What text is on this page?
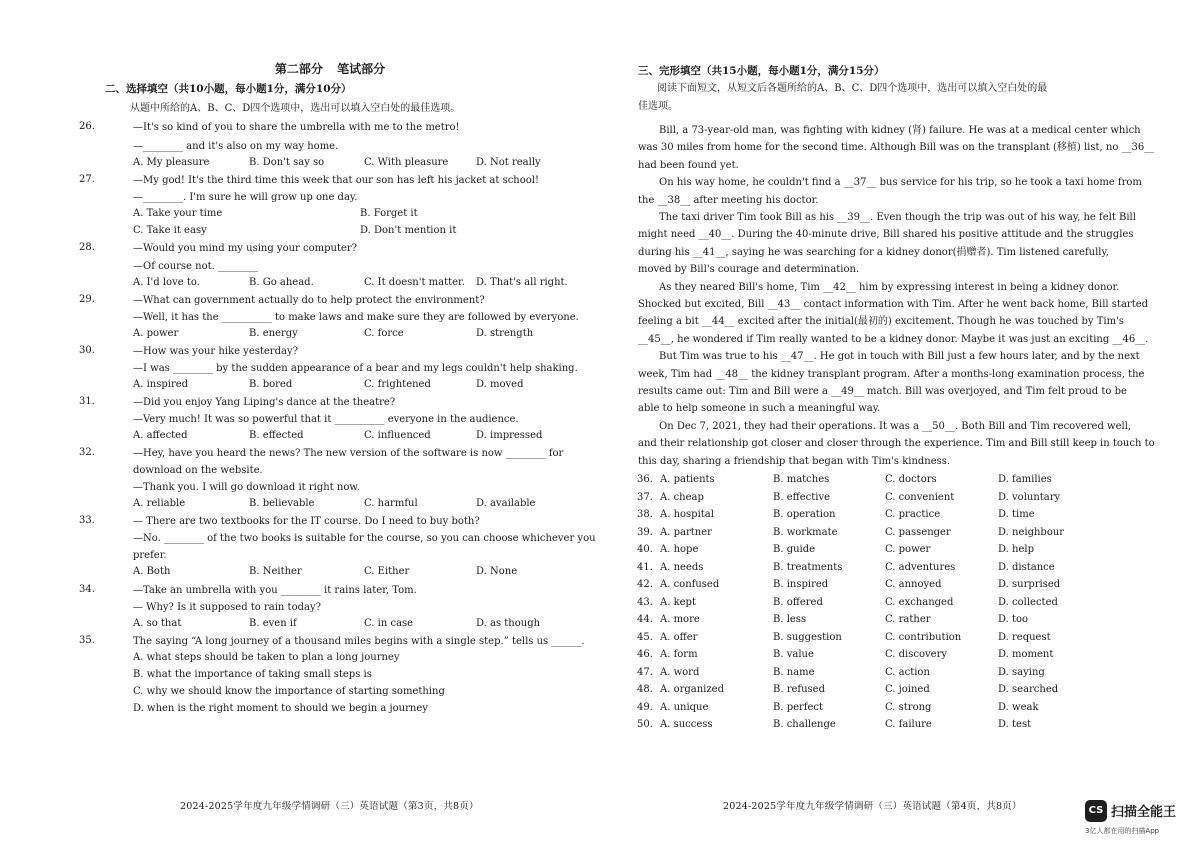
第二部分 笔试部分
二、选择填空（共10小题，每小题1分，满分10分）
从题中所给的A、B、C、D四个选项中，选出可以填入空白处的最佳选项。
26.	—It's so kind of you to share the umbrella with me to the metro!
—________ and it's also on my way home.
A. My pleasure	B. Don't say so	C. With pleasure	D. Not really
27.	—My god! It's the third time this week that our son has left his jacket at school!
—________. I'm sure he will grow up one day.
A. Take your time	B. Forget it
C. Take it easy	D. Don't mention it
28.	—Would you mind my using your computer?
—Of course not. ________
A. I'd love to.	B. Go ahead.	C. It doesn't matter. D. That's all right.
29.	—What can government actually do to help protect the environment?
—Well, it has the __________ to make laws and make sure they are followed by everyone.
A. power	B. energy	C. force	D. strength
30.	—How was your hike yesterday?
—I was ________ by the sudden appearance of a bear and my legs couldn't help shaking.
A. inspired	B. bored	C. frightened	D. moved
31.	—Did you enjoy Yang Liping's dance at the theatre?
—Very much! It was so powerful that it __________ everyone in the audience.
A. affected	B. effected	C. influenced	D. impressed
32.	—Hey, have you heard the news? The new version of the software is now ________ for
download on the website.
—Thank you. I will go download it right now.
A. reliable	B. believable	C. harmful	D. available
33.	— There are two textbooks for the IT course. Do I need to buy both?
—No. ________ of the two books is suitable for the course, so you can choose whichever you
prefer.
A. Both	B. Neither	C. Either	D. None
34.	—Take an umbrella with you ________ it rains later, Tom.
— Why? Is it supposed to rain today?
A. so that	B. even if	C. in case	D. as though
35.	The saying “A long journey of a thousand miles begins with a single step.” tells us ______.
A. what steps should be taken to plan a long journey
B. what the importance of taking small steps is
C. why we should know the importance of starting something
D. when is the right moment to should we begin a journey
2024-2025学年度九年级学情调研（三）英语试题（第3页，共8页）
三、完形填空（共15小题，每小题1分，满分15分）
阅读下面短文，从短文后各题所给的A、B、C、D四个选项中，选出可以填入空白处的最
佳选项。
Bill, a 73-year-old man, was fighting with kidney (肾) failure. He was at a medical center which
was 30 miles from home for the second time. Although Bill was on the transplant (移植) list, no __36__
had been found yet.
On his way home, he couldn't find a __37__ bus service for his trip, so he took a taxi home from
the __38__ after meeting his doctor.
The taxi driver Tim took Bill as his __39__. Even though the trip was out of his way, he felt Bill
might need __40__. During the 40-minute drive, Bill shared his positive attitude and the struggles
during his __41__, saying he was searching for a kidney donor(捐赠者). Tim listened carefully,
moved by Bill's courage and determination.
As they neared Bill's home, Tim __42__ him by expressing interest in being a kidney donor.
Shocked but excited, Bill __43__ contact information with Tim. After he went back home, Bill started
feeling a bit __44__ excited after the initial(最初的) excitement. Though he was touched by Tim's
__45__, he wondered if Tim really wanted to be a kidney donor. Maybe it was just an exciting __46__.
But Tim was true to his __47__. He got in touch with Bill just a few hours later, and by the next
week, Tim had __48__ the kidney transplant program. After a months-long examination process, the
results came out: Tim and Bill were a __49__ match. Bill was overjoyed, and Tim felt proud to be
able to help someone in such a meaningful way.
On Dec 7, 2021, they had their operations. It was a __50__. Both Bill and Tim recovered well,
and their relationship got closer and closer through the experience. Tim and Bill still keep in touch to
this day, sharing a friendship that began with Tim's kindness.
36. A. patients	B. matches	C. doctors	D. families
37. A. cheap	B. effective	C. convenient	D. voluntary
38. A. hospital	B. operation	C. practice	D. time
39. A. partner	B. workmate	C. passenger	D. neighbour
40. A. hope	B. guide	C. power	D. help
41. A. needs	B. treatments	C. adventures	D. distance
42. A. confused	B. inspired	C. annoyed	D. surprised
43. A. kept	B. offered	C. exchanged	D. collected
44. A. more	B. less	C. rather	D. too
45. A. offer	B. suggestion	C. contribution	D. request
46. A. form	B. value	C. discovery	D. moment
47. A. word	B. name	C. action	D. saying
48. A. organized	B. refused	C. joined	D. searched
49. A. unique	B. perfect	C. strong	D. weak
50. A. success	B. challenge	C. failure	D. test
2024-2025学年度九年级学情调研（三）英语试题（第4页，共8页）	CS 扫描全能王
3亿人都在用的扫描App
